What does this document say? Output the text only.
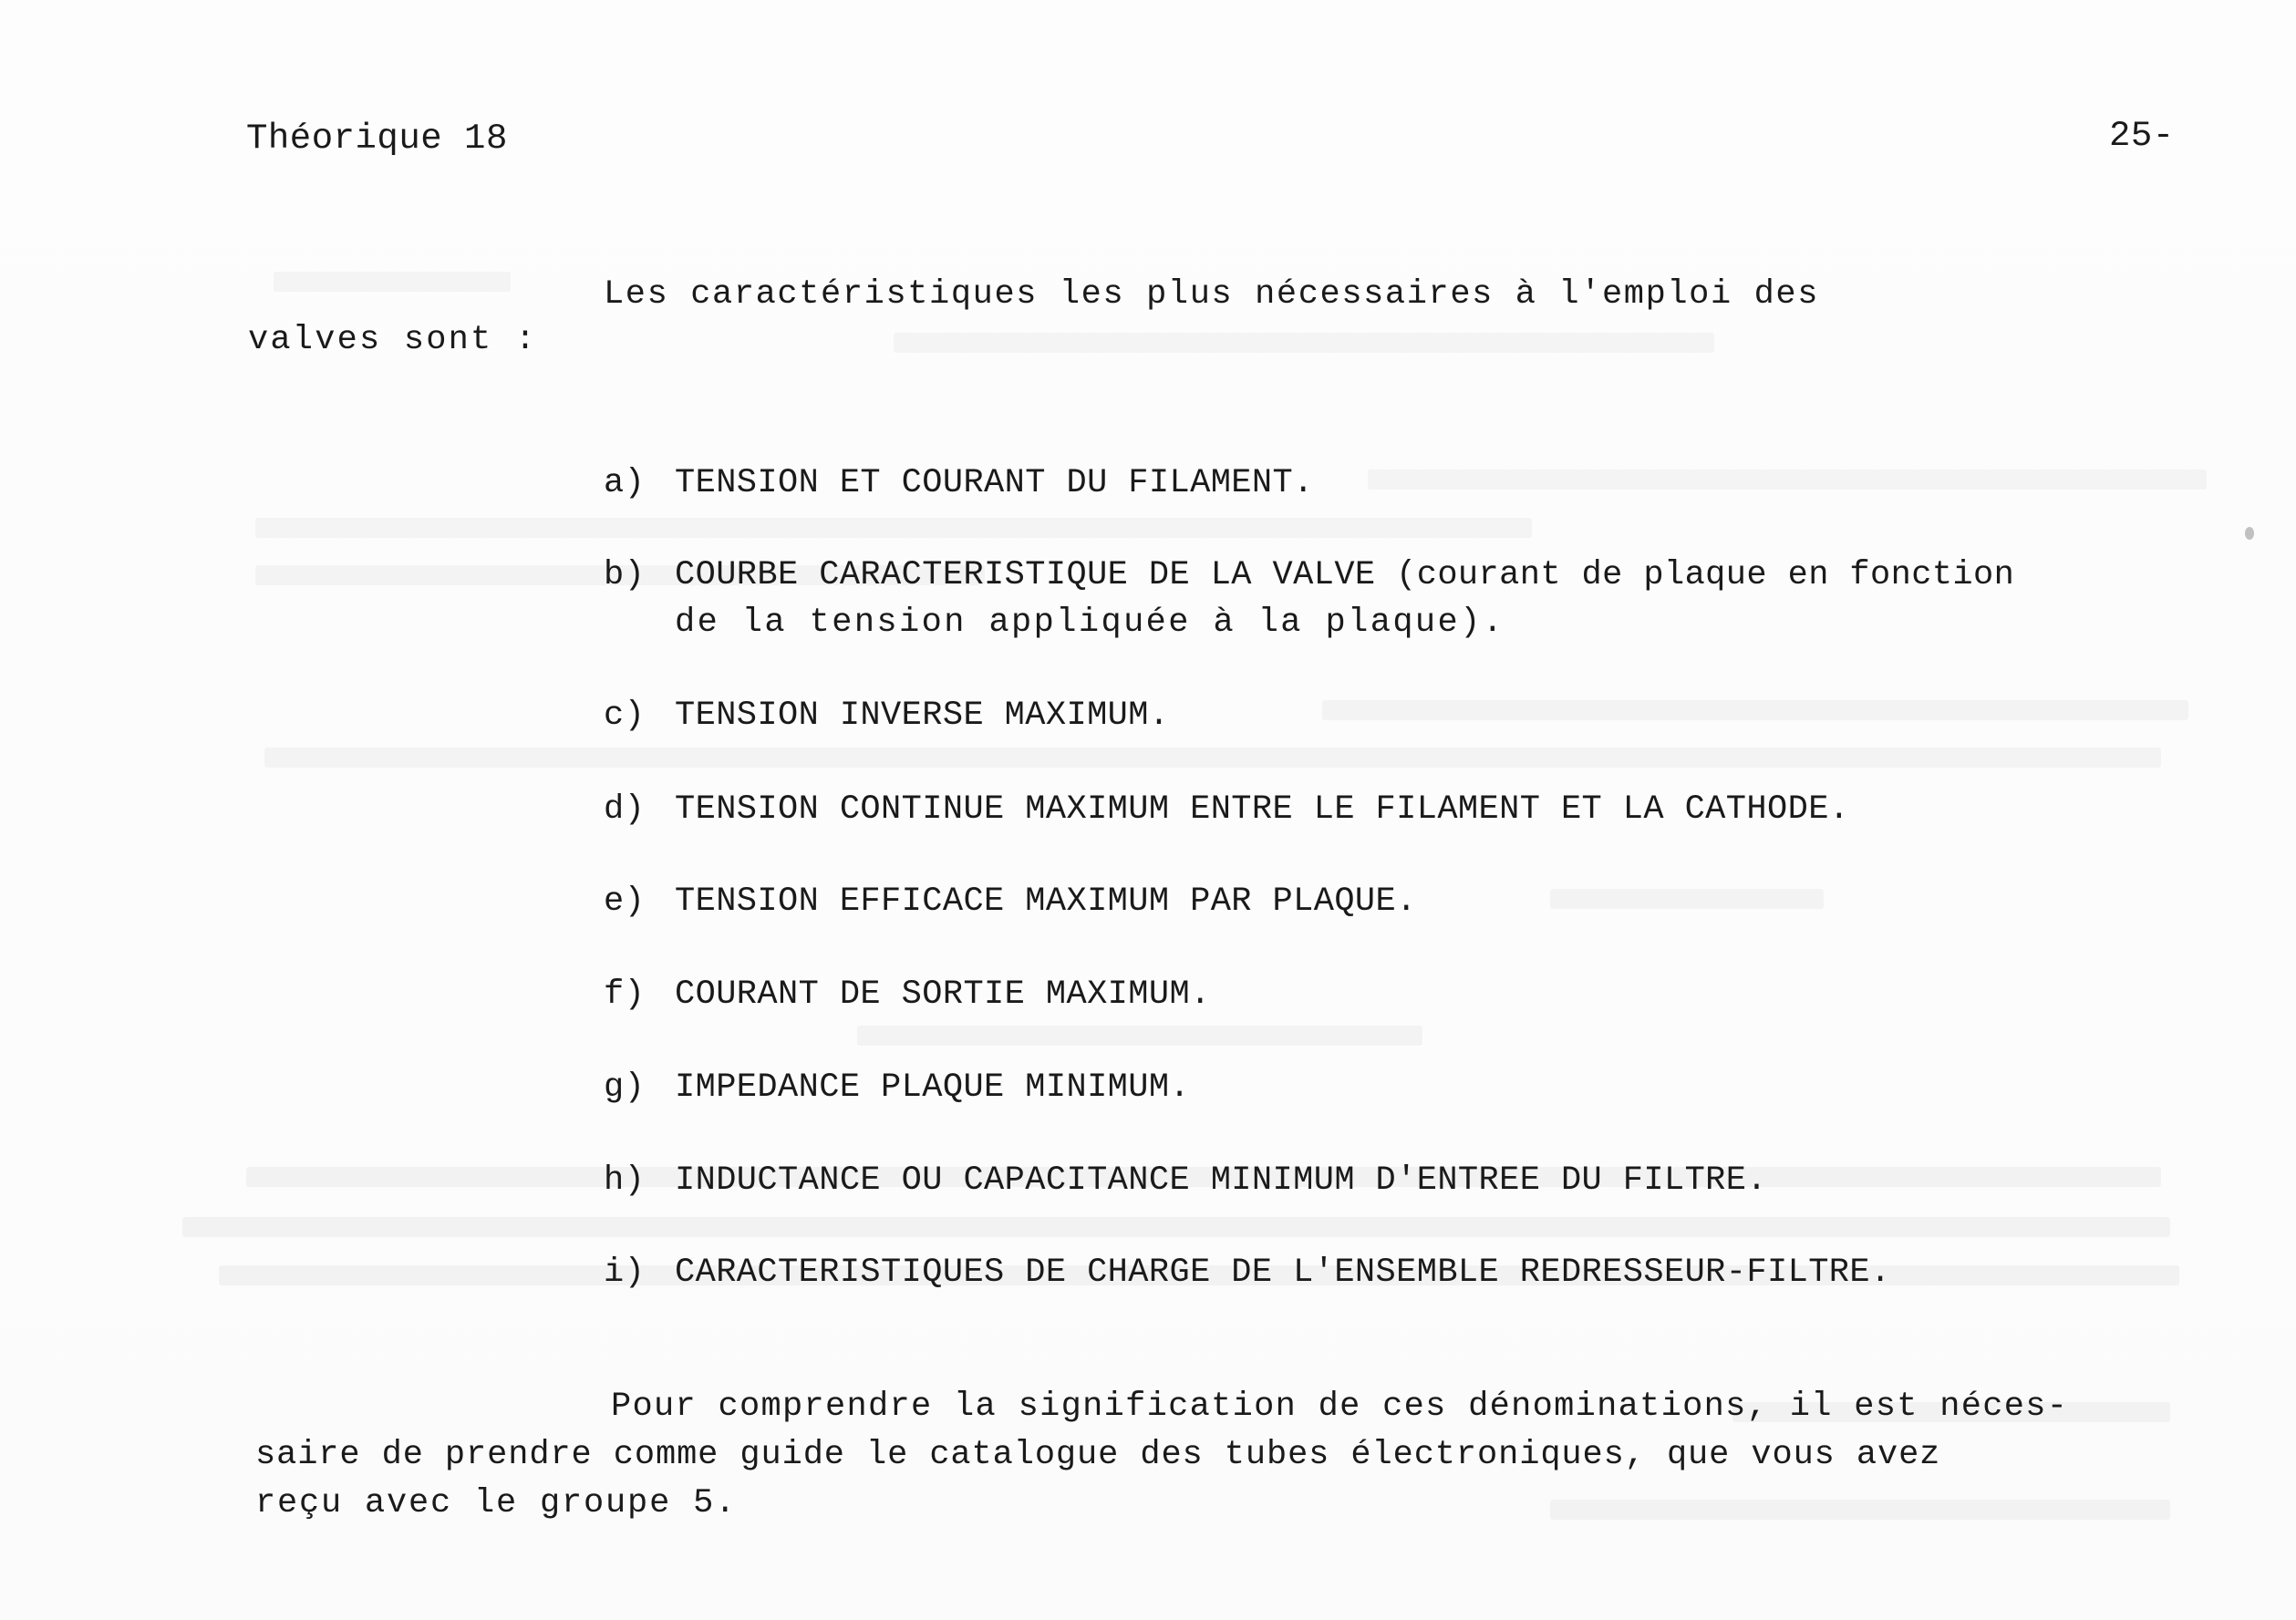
Théorique 18	25-
Les caractéristiques les plus nécessaires à l'emploi des
valves sont :
a) TENSION ET COURANT DU FILAMENT.
b) COURBE CARACTERISTIQUE DE LA VALVE (courant de plaque en fonction
de la tension appliquée à la plaque).
c) TENSION INVERSE MAXIMUM.
d) TENSION CONTINUE MAXIMUM ENTRE LE FILAMENT ET LA CATHODE.
e) TENSION EFFICACE MAXIMUM PAR PLAQUE.
f) COURANT DE SORTIE MAXIMUM.
g) IMPEDANCE PLAQUE MINIMUM.
h) INDUCTANCE OU CAPACITANCE MINIMUM D'ENTREE DU FILTRE.
i) CARACTERISTIQUES DE CHARGE DE L'ENSEMBLE REDRESSEUR-FILTRE.
Pour comprendre la signification de ces dénominations, il est néces-
saire de prendre comme guide le catalogue des tubes électroniques, que vous avez
reçu avec le groupe 5.
